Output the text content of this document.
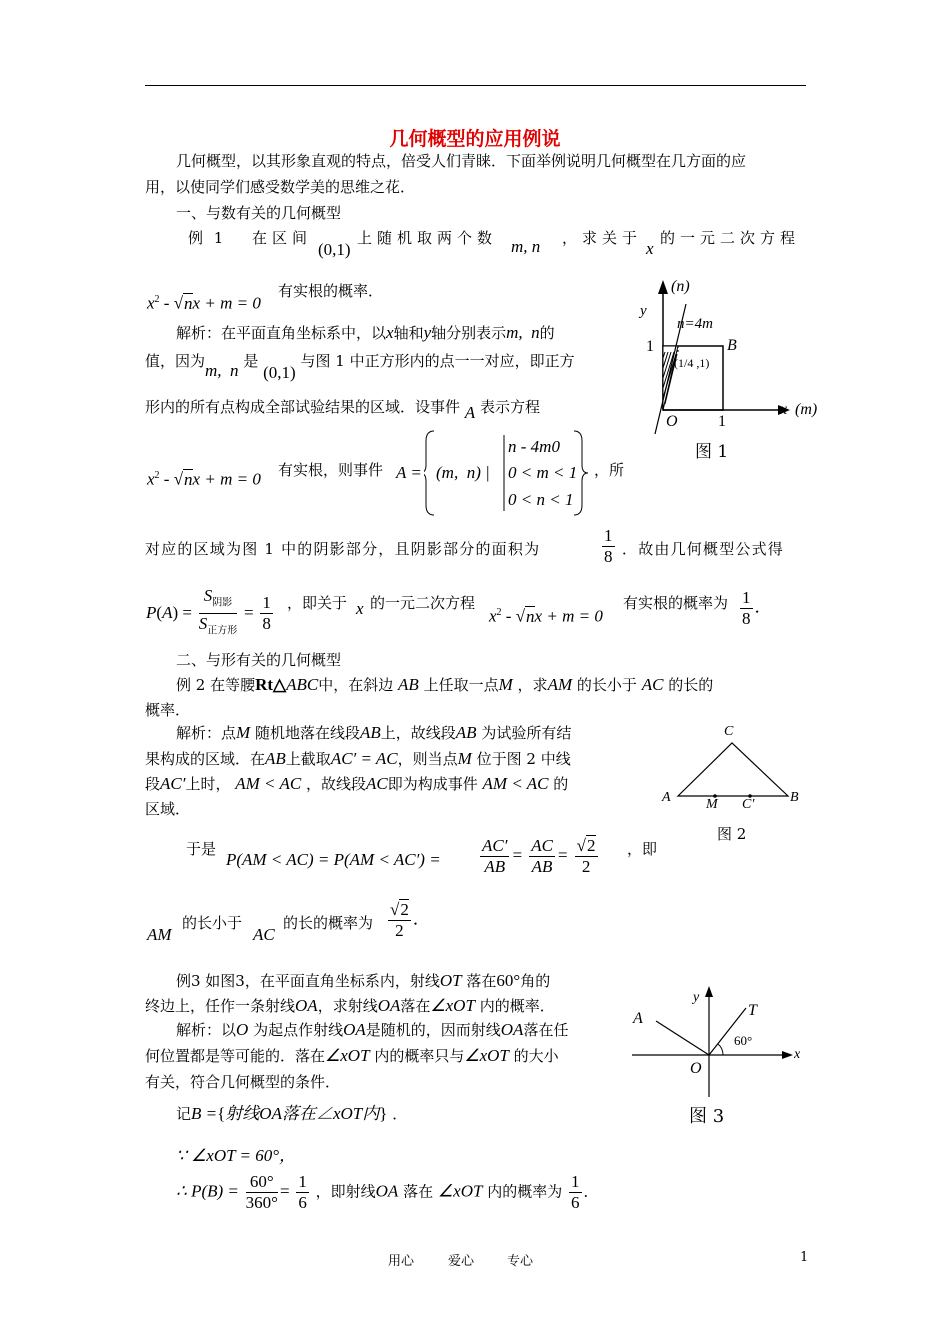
几何概型的应用例说
几何概型，以其形象直观的特点，倍受人们青睐．下面举例说明几何概型在几方面的应
用，以使同学们感受数学美的思维之花．
一、与数有关的几何概型
例 1 在区间
(0,1)
上随机取两个数 m, n ，求关于
x
的一元二次方程
$x^2 - √nx + m = 0$
有实根的概率．
解析：在平面直角坐标系中，以x轴和y轴分别表示m,  n的
值，因为m,  n 是 (0,1) 与图 1 中正方形内的点一一对应，即正方
形内的所有点构成全部试验结果的区域．设事件 A 表示方程
$x^2 - √nx + m = 0$ 有实根，则事件 A = (m,  n) |
n - 4m0
0 < m < 1
0 < n < 1
，所
对应的区域为图 1 中的阴影部分，且阴影部分的面积为	$\frac{1}{8}$ ．故由几何概型公式得
$P(A) = \frac{S_{阴影}}{S_{正方形}} = \frac{1}{8}$ ，即关于 x 的一元二次方程
$x^2 - √nx + m = 0$
有实根的概率为 $\frac{1}{8}$ ．
y
(n)
n=4m
(1/4 ,1)
B
1
1
O
x (m)
图 1
二、与形有关的几何概型
例 2 在等腰Rt△ABC中，在斜边 AB 上任取一点M ，求AM 的长小于 AC 的长的
概率．
解析：点M 随机地落在线段AB上，故线段AB 为试验所有结
果构成的区域．在AB上截取AC′ = AC，则当点M 位于图 2 中线
段AC′上时， AM < AC ，故线段AC即为构成事件 AM < AC 的
区域．
于是
$P(AM < AC) = P(AM < AC') = \frac{AC'}{AB} = \frac{AC}{AB} = \frac{√2}{2}$ ，即
AM
的长小于
AC
的长的概率为 $\frac{√2}{2}$ ．
C
A	M C′	B
图 2
例3 如图3，在平面直角坐标系内，射线OT 落在60°角的
终边上，任作一条射线OA，求射线OA落在∠xOT 内的概率．
解析：以O 为起点作射线OA是随机的，因而射线OA落在任
何位置都是等可能的．落在∠xOT 内的概率只与∠xOT 的大小
有关，符合几何概型的条件．
记B ={射线OA落在∠xOT内} ．
∵ ∠xOT = 60°，
∴ $P(B) = \frac{60^\circ}{360^\circ} = \frac{1}{6}$ ，即射线OA 落在 ∠xOT 内的概率为 $\frac{1}{6}$ ．
A
y
T
60°
x
O
图 3
用心	爱心	专心	1
